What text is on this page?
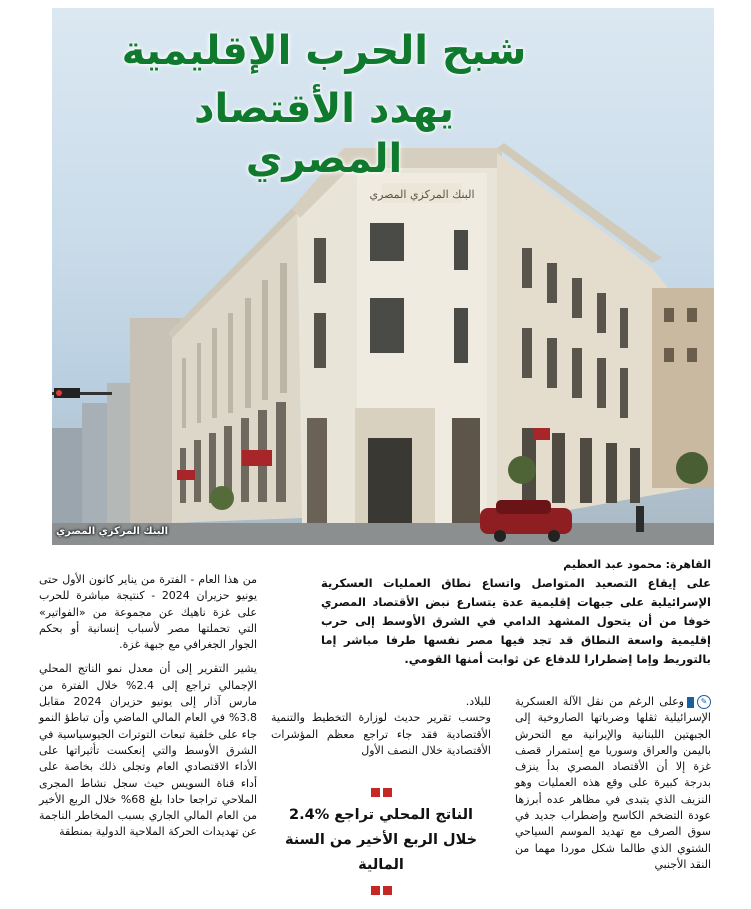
البنك المركزي المصري
شبح الحرب الإقليمية
يهدد الأقتصاد المصري
البنك المركزي المصري
القاهرة: محمود عبد العظيم
على إيقاع التصعيد المتواصل واتساع نطاق العمليات العسكرية الإسرائيلية على جبهات إقليمية عدة يتسارع نبض الأقتصاد المصري خوفا من أن يتحول المشهد الدامي في الشرق الأوسط إلى حرب إقليمية واسعة النطاق قد تجد فيها مصر نفسها طرفا مباشر إما بالتوريط وإما إضطرارا للدفاع عن ثوابت أمنها القومي.
✎وعلى الرغم من نقل الآلة العسكرية الإسرائيلية ثقلها وضرباتها الصاروخية إلى الجبهتين اللبنانية والإيرانية مع التحرش باليمن والعراق وسوريا مع إستمرار قصف غزة إلا أن الأقتصاد المصري بدأ ينزف بدرجة كبيرة على وقع هذه العمليات وهو النزيف الذي يتبدى في مظاهر عده أبرزها عودة التضخم الكاسح وإضطراب جديد في سوق الصرف مع تهديد الموسم السياحي الشتوي الذي طالما شكل موردا مهما من النقد الأجنبي
للبلاد.
وحسب تقرير حديث لوزارة التخطيط والتنمية الأقتصادية فقد جاء تراجع معظم المؤشرات الأقتصادية خلال النصف الأول
الناتج المحلي تراجع %2.4
خلال الربع الأخير من السنة المالية
من هذا العام - الفترة من يناير كانون الأول حتى يونيو حزيران 2024 - كنتيجة مباشرة للحرب على غزة ناهيك عن مجموعة من «الفواتير» التي تحملتها مصر لأسباب إنسانية أو بحكم الجوار الجغرافي مع جبهة غزة.
يشير التقرير إلى أن معدل نمو الناتج المحلي الإجمالي تراجع إلى 2.4% خلال الفترة من مارس آذار إلى يونيو حزيران 2024 مقابل 3.8% في العام المالي الماضي وأن تباطؤ النمو جاء على خلفية تبعات التوترات الجيوسياسية في الشرق الأوسط والتي إنعكست تأثيراتها على الأداء الاقتصادي العام وتجلى ذلك بخاصة على أداء قناة السويس حيث سجل نشاط المجرى الملاحي تراجعا حادا بلغ 68% خلال الربع الأخير من العام المالي الجاري بسبب المخاطر الناجمة عن تهديدات الحركة الملاحية الدولية بمنطقة
